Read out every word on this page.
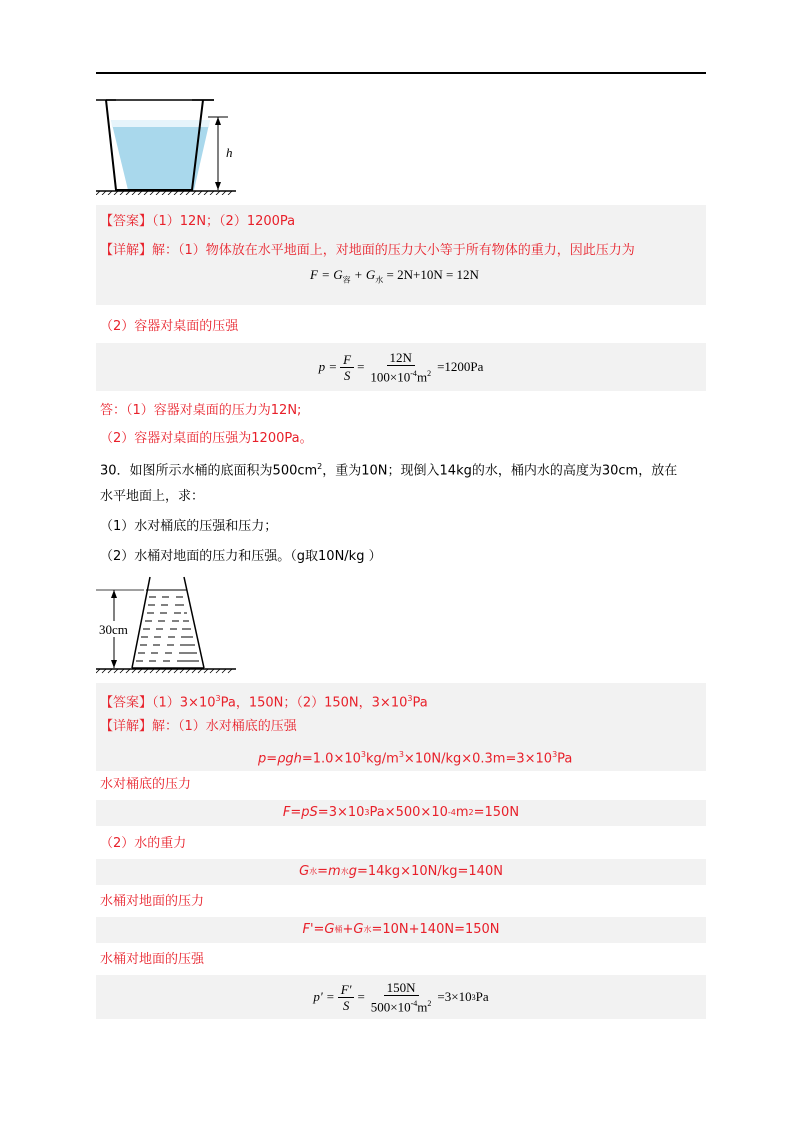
h
【答案】（1）12N；（2）1200Pa
【详解】解：（1）物体放在水平地面上，对地面的压力大小等于所有物体的重力，因此压力为
$F = G_容 + G_水 = 2N+10N = 12N$
（2）容器对桌面的压强
$p = \frac{F}{S} = \frac{12N}{100\times 10^{-4}m^2} =1200Pa$
答：（1）容器对桌面的压力为12N;
（2）容器对桌面的压强为1200Pa。
30．如图所示水桶的底面积为$500cm^2$，重为10N；现倒入14kg的水，桶内水的高度为30cm，放在
水平地面上，求：
（1）水对桶底的压强和压力；
（2）水桶对地面的压力和压强。（g取10N/kg ）
30cm
【答案】$(1)3\times 10^3Pa$，150N；（2）150N，$3\times 10^3Pa$
【详解】解：（1）水对桶底的压强
$p=\rho gh=1.0\times 10^3kg/m^3\times 10N/kg\times 0.3m=3\times 10^3Pa$
水对桶底的压力
F=pS =3×10 3 Pa×500×10 -4 m 2 =150N
（2）水的重力
G 水 =m 水 g =14kg×10N/kg=140N
水桶对地面的压力
F'=G 桶 +G 水 =10N+140N=150N
水桶对地面的压强
$p' = \frac{F'}{S} = \frac{150N}{500\times 10^{-4}m^2} =3\times 10$ 3 Pa
